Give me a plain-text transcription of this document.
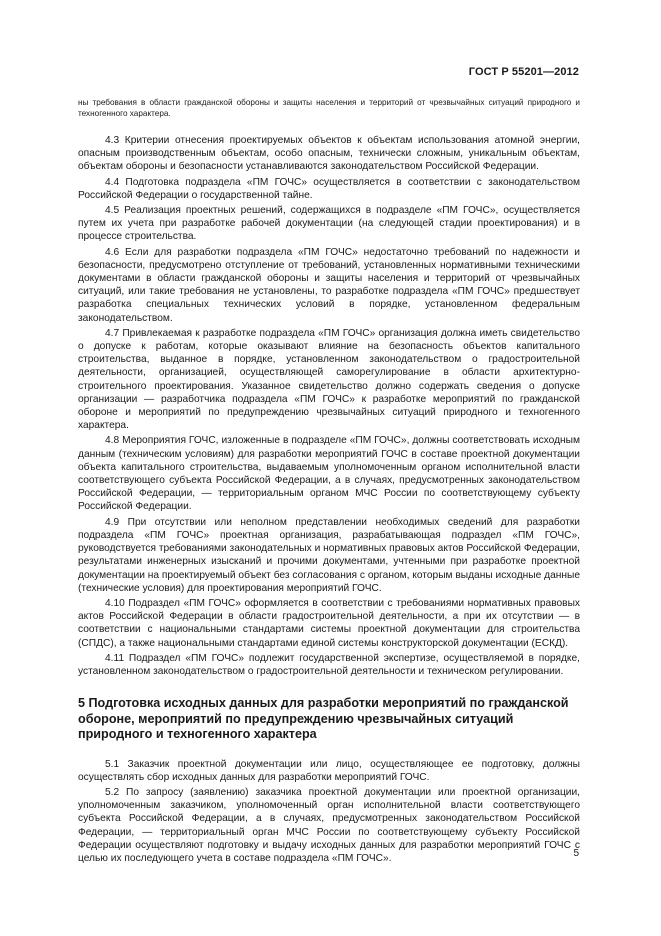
ГОСТ Р 55201—2012

ны требования в области гражданской обороны и защиты населения и территорий от чрезвычайных ситуаций природного и техногенного характера.

4.3 Критерии отнесения проектируемых объектов к объектам использования атомной энергии, опасным производственным объектам, особо опасным, технически сложным, уникальным объектам, объектам обороны и безопасности устанавливаются законодательством Российской Федерации.

4.4 Подготовка подраздела «ПМ ГОЧС» осуществляется в соответствии с законодательством Российской Федерации о государственной тайне.

4.5 Реализация проектных решений, содержащихся в подразделе «ПМ ГОЧС», осуществляется путем их учета при разработке рабочей документации (на следующей стадии проектирования) и в процессе строительства.

4.6 Если для разработки подраздела «ПМ ГОЧС» недостаточно требований по надежности и безопасности, предусмотрено отступление от требований, установленных нормативными техническими документами в области гражданской обороны и защиты населения и территорий от чрезвычайных ситуаций, или такие требования не установлены, то разработке подраздела «ПМ ГОЧС» предшествует разработка специальных технических условий в порядке, установленном федеральным законодательством.

4.7 Привлекаемая к разработке подраздела «ПМ ГОЧС» организация должна иметь свидетельство о допуске к работам, которые оказывают влияние на безопасность объектов капитального строительства, выданное в порядке, установленном законодательством о градостроительной деятельности, организацией, осуществляющей саморегулирование в области архитектурно-строительного проектирования. Указанное свидетельство должно содержать сведения о допуске организации — разработчика подраздела «ПМ ГОЧС» к разработке мероприятий по гражданской обороне и мероприятий по предупреждению чрезвычайных ситуаций природного и техногенного характера.

4.8 Мероприятия ГОЧС, изложенные в подразделе «ПМ ГОЧС», должны соответствовать исходным данным (техническим условиям) для разработки мероприятий ГОЧС в составе проектной документации объекта капитального строительства, выдаваемым уполномоченным органом исполнительной власти соответствующего субъекта Российской Федерации, а в случаях, предусмотренных законодательством Российской Федерации, — территориальным органом МЧС России по соответствующему субъекту Российской Федерации.

4.9 При отсутствии или неполном представлении необходимых сведений для разработки подраздела «ПМ ГОЧС» проектная организация, разрабатывающая подраздел «ПМ ГОЧС», руководствуется требованиями законодательных и нормативных правовых актов Российской Федерации, результатами инженерных изысканий и прочими документами, учтенными при разработке проектной документации на проектируемый объект без согласования с органом, которым выданы исходные данные (технические условия) для проектирования мероприятий ГОЧС.

4.10 Подраздел «ПМ ГОЧС» оформляется в соответствии с требованиями нормативных правовых актов Российской Федерации в области градостроительной деятельности, а при их отсутствии — в соответствии с национальными стандартами системы проектной документации для строительства (СПДС), а также национальными стандартами единой системы конструкторской документации (ЕСКД).

4.11 Подраздел «ПМ ГОЧС» подлежит государственной экспертизе, осуществляемой в порядке, установленном законодательством о градостроительной деятельности и техническом регулировании.

5 Подготовка исходных данных для разработки мероприятий по гражданской обороне, мероприятий по предупреждению чрезвычайных ситуаций природного и техногенного характера

5.1 Заказчик проектной документации или лицо, осуществляющее ее подготовку, должны осуществлять сбор исходных данных для разработки мероприятий ГОЧС.

5.2 По запросу (заявлению) заказчика проектной документации или проектной организации, уполномоченным заказчиком, уполномоченный орган исполнительной власти соответствующего субъекта Российской Федерации, а в случаях, предусмотренных законодательством Российской Федерации, — территориальный орган МЧС России по соответствующему субъекту Российской Федерации осуществляют подготовку и выдачу исходных данных для разработки мероприятий ГОЧС с целью их последующего учета в составе подраздела «ПМ ГОЧС».	5
